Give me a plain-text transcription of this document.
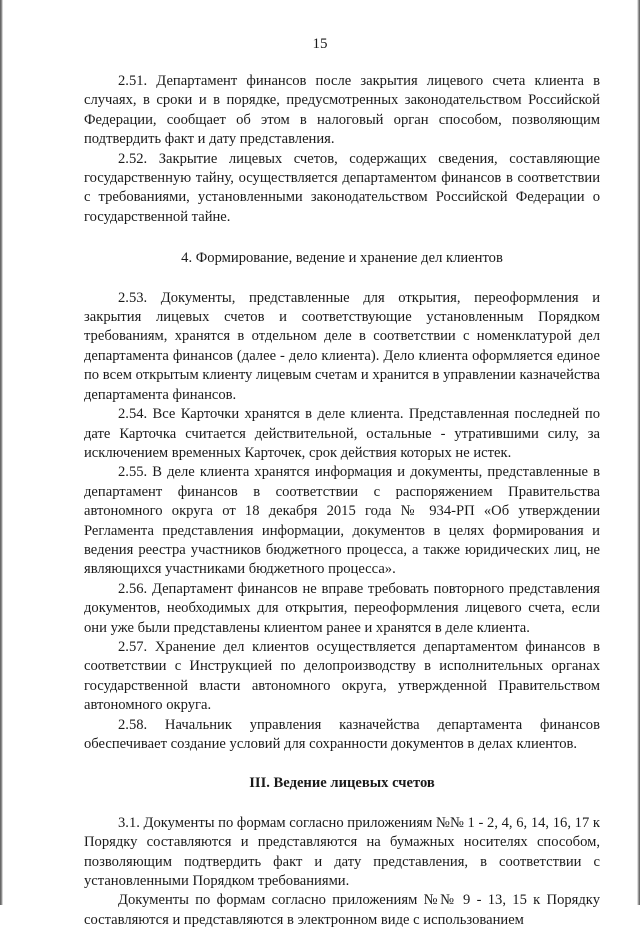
15

2.51. Департамент финансов после закрытия лицевого счета клиента в случаях, в сроки и в порядке, предусмотренных законодательством Российской Федерации, сообщает об этом в налоговый орган способом, позволяющим подтвердить факт и дату представления.

2.52. Закрытие лицевых счетов, содержащих сведения, составляющие государственную тайну, осуществляется департаментом финансов в соответствии с требованиями, установленными законодательством Российской Федерации о государственной тайне.

4. Формирование, ведение и хранение дел клиентов

2.53. Документы, представленные для открытия, переоформления и закрытия лицевых счетов и соответствующие установленным Порядком требованиям, хранятся в отдельном деле в соответствии с номенклатурой дел департамента финансов (далее - дело клиента). Дело клиента оформляется единое по всем открытым клиенту лицевым счетам и хранится в управлении казначейства департамента финансов.

2.54. Все Карточки хранятся в деле клиента. Представленная последней по дате Карточка считается действительной, остальные - утратившими силу, за исключением временных Карточек, срок действия которых не истек.

2.55. В деле клиента хранятся информация и документы, представленные в департамент финансов в соответствии с распоряжением Правительства автономного округа от 18 декабря 2015 года № 934-РП «Об утверждении Регламента представления информации, документов в целях формирования и ведения реестра участников бюджетного процесса, а также юридических лиц, не являющихся участниками бюджетного процесса».

2.56. Департамент финансов не вправе требовать повторного представления документов, необходимых для открытия, переоформления лицевого счета, если они уже были представлены клиентом ранее и хранятся в деле клиента.

2.57. Хранение дел клиентов осуществляется департаментом финансов в соответствии с Инструкцией по делопроизводству в исполнительных органах государственной власти автономного округа, утвержденной Правительством автономного округа.

2.58. Начальник управления казначейства департамента финансов обеспечивает создание условий для сохранности документов в делах клиентов.

III. Ведение лицевых счетов

3.1. Документы по формам согласно приложениям №№ 1 - 2, 4, 6, 14, 16, 17 к Порядку составляются и представляются на бумажных носителях способом, позволяющим подтвердить факт и дату представления, в соответствии с установленными Порядком требованиями.

Документы по формам согласно приложениям №№ 9 - 13, 15 к Порядку составляются и представляются в электронном виде с использованием
